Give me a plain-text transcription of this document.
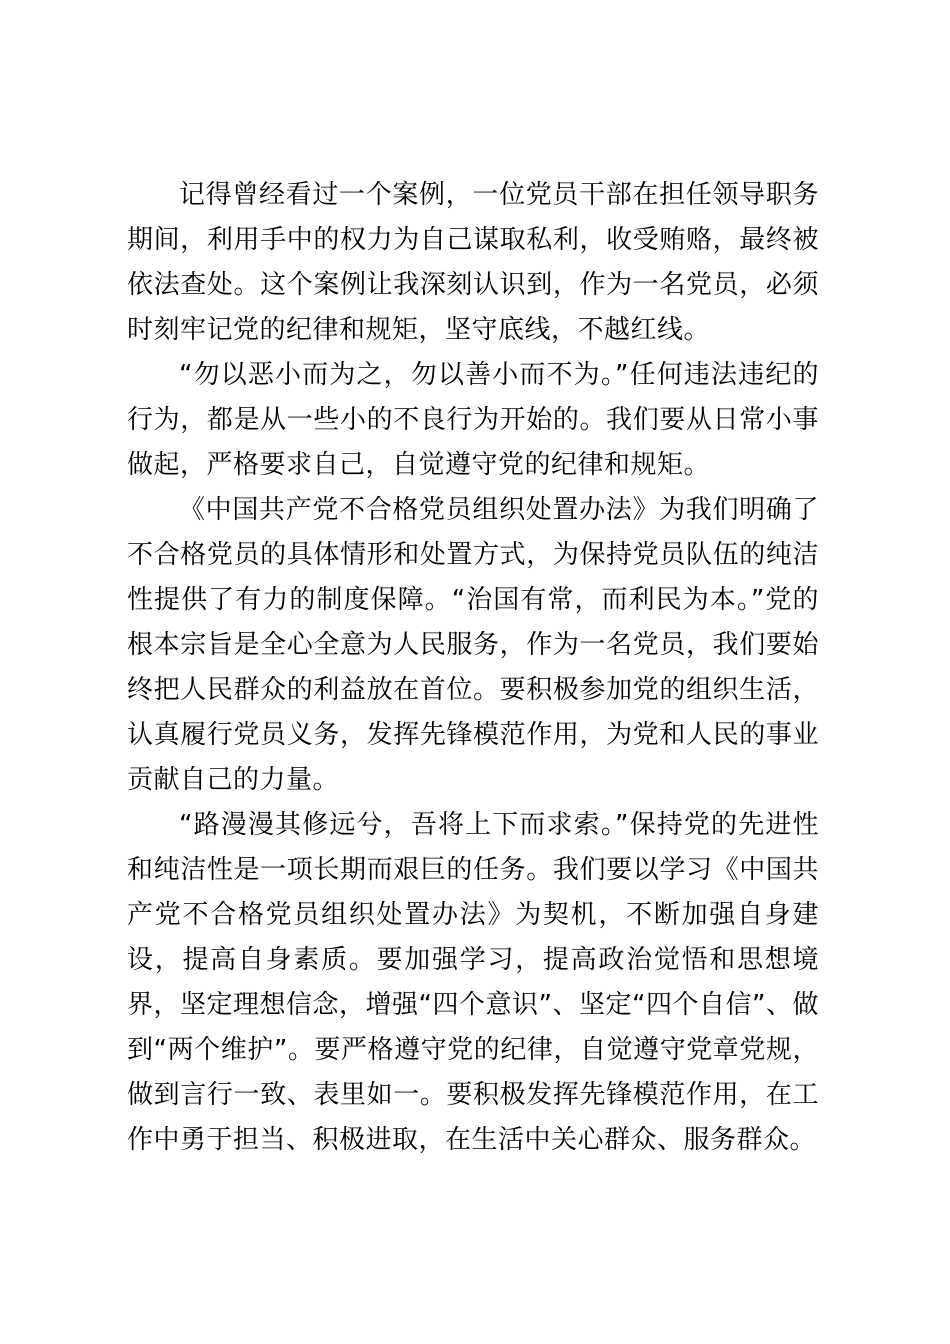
记得曾经看过一个案例，一位党员干部在担任领导职务期间，利用手中的权力为自己谋取私利，收受贿赂，最终被依法查处。这个案例让我深刻认识到，作为一名党员，必须时刻牢记党的纪律和规矩，坚守底线，不越红线。

“勿以恶小而为之，勿以善小而不为。”任何违法违纪的行为，都是从一些小的不良行为开始的。我们要从日常小事做起，严格要求自己，自觉遵守党的纪律和规矩。

《中国共产党不合格党员组织处置办法》为我们明确了不合格党员的具体情形和处置方式，为保持党员队伍的纯洁性提供了有力的制度保障。“治国有常，而利民为本。”党的根本宗旨是全心全意为人民服务，作为一名党员，我们要始终把人民群众的利益放在首位。要积极参加党的组织生活，认真履行党员义务，发挥先锋模范作用，为党和人民的事业贡献自己的力量。

“路漫漫其修远兮，吾将上下而求索。”保持党的先进性和纯洁性是一项长期而艰巨的任务。我们要以学习《中国共产党不合格党员组织处置办法》为契机，不断加强自身建设，提高自身素质。要加强学习，提高政治觉悟和思想境界，坚定理想信念，增强“四个意识”、坚定“四个自信”、做到“两个维护”。要严格遵守党的纪律，自觉遵守党章党规，做到言行一致、表里如一。要积极发挥先锋模范作用，在工作中勇于担当、积极进取，在生活中关心群众、服务群众。
